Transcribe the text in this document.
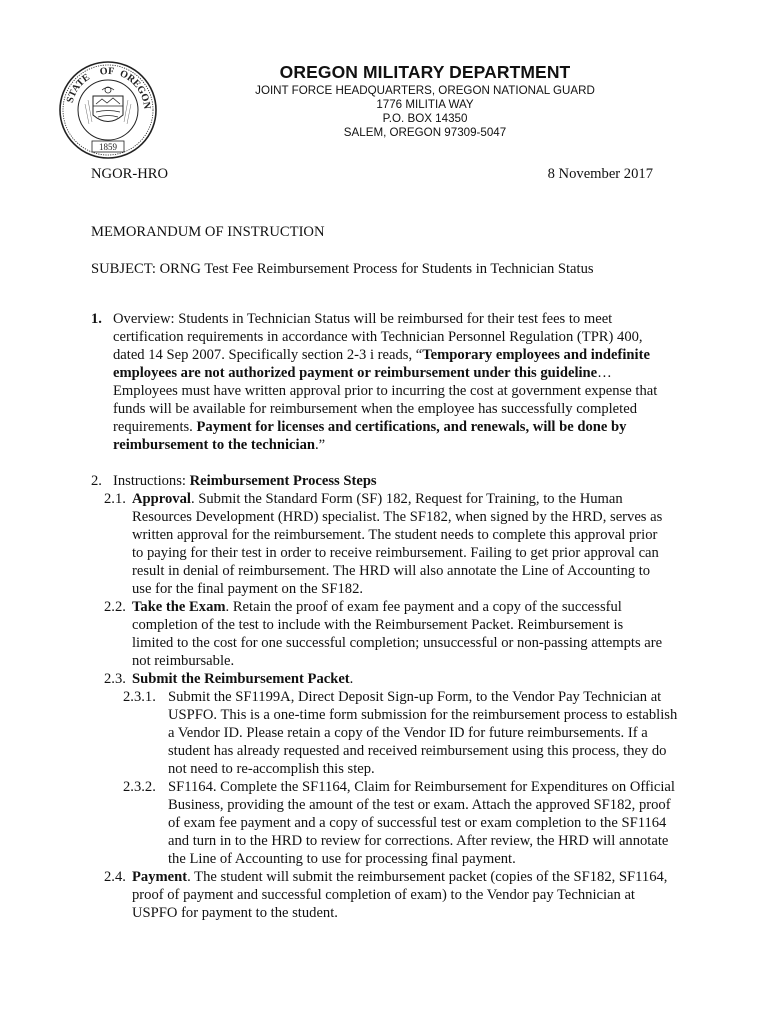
STATE
OF OREGON
1859
OREGON MILITARY DEPARTMENT
JOINT FORCE HEADQUARTERS, OREGON NATIONAL GUARD
1776 MILITIA WAY
P.O. BOX 14350
SALEM, OREGON 97309-5047
NGOR-HRO	8 November 2017
MEMORANDUM OF INSTRUCTION
SUBJECT: ORNG Test Fee Reimbursement Process for Students in Technician Status
1. Overview: Students in Technician Status will be reimbursed for their test fees to meet certification requirements in accordance with Technician Personnel Regulation (TPR) 400, dated 14 Sep 2007. Specifically section 2-3 i reads, “Temporary employees and indefinite employees are not authorized payment or reimbursement under this guideline… Employees must have written approval prior to incurring the cost at government expense that funds will be available for reimbursement when the employee has successfully completed requirements. Payment for licenses and certifications, and renewals, will be done by reimbursement to the technician.”
2. Instructions: Reimbursement Process Steps
2.1. Approval. Submit the Standard Form (SF) 182, Request for Training, to the Human Resources Development (HRD) specialist. The SF182, when signed by the HRD, serves as written approval for the reimbursement. The student needs to complete this approval prior to paying for their test in order to receive reimbursement. Failing to get prior approval can result in denial of reimbursement. The HRD will also annotate the Line of Accounting to use for the final payment on the SF182.
2.2. Take the Exam. Retain the proof of exam fee payment and a copy of the successful completion of the test to include with the Reimbursement Packet. Reimbursement is limited to the cost for one successful completion; unsuccessful or non-passing attempts are not reimbursable.
2.3. Submit the Reimbursement Packet.
2.3.1. Submit the SF1199A, Direct Deposit Sign-up Form, to the Vendor Pay Technician at USPFO. This is a one-time form submission for the reimbursement process to establish a Vendor ID. Please retain a copy of the Vendor ID for future reimbursements. If a student has already requested and received reimbursement using this process, they do not need to re-accomplish this step.
2.3.2. SF1164. Complete the SF1164, Claim for Reimbursement for Expenditures on Official Business, providing the amount of the test or exam. Attach the approved SF182, proof of exam fee payment and a copy of successful test or exam completion to the SF1164 and turn in to the HRD to review for corrections. After review, the HRD will annotate the Line of Accounting to use for processing final payment.
2.4. Payment. The student will submit the reimbursement packet (copies of the SF182, SF1164, proof of payment and successful completion of exam) to the Vendor pay Technician at USPFO for payment to the student.
